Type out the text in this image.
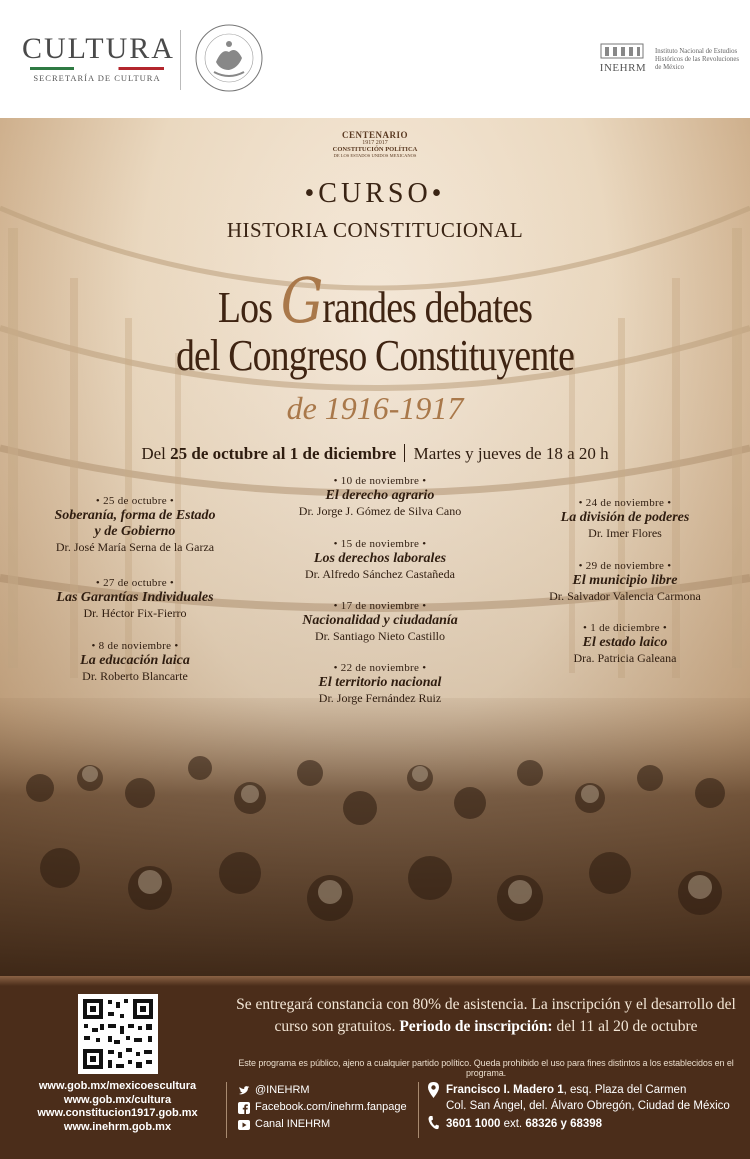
CULTURA
SECRETARÍA DE CULTURA
INEHRM
Instituto Nacional de Estudios Históricos de las Revoluciones de México
CENTENARIO
1917 2017
CONSTITUCIÓN POLÍTICA
DE LOS ESTADOS UNIDOS MEXICANOS
•CURSO•
HISTORIA CONSTITUCIONAL
Los Grandes debates
del Congreso Constituyente
de 1916-1917
Del 25 de octubre al 1 de diciembre Martes y jueves de 18 a 20 h
• 25 de octubre •
Soberanía, forma de Estado
y de Gobierno
Dr. José María Serna de la Garza
• 27 de octubre •
Las Garantías Individuales
Dr. Héctor Fix-Fierro
• 8 de noviembre •
La educación laica
Dr. Roberto Blancarte
• 10 de noviembre •
El derecho agrario
Dr. Jorge J. Gómez de Silva Cano
• 15 de noviembre •
Los derechos laborales
Dr. Alfredo Sánchez Castañeda
• 17 de noviembre •
Nacionalidad y ciudadanía
Dr. Santiago Nieto Castillo
• 22 de noviembre •
El territorio nacional
Dr. Jorge Fernández Ruiz
• 24 de noviembre •
La división de poderes
Dr. Imer Flores
• 29 de noviembre •
El municipio libre
Dr. Salvador Valencia Carmona
• 1 de diciembre •
El estado laico
Dra. Patricia Galeana
www.gob.mx/mexicoescultura
www.gob.mx/cultura
www.constitucion1917.gob.mx
www.inehrm.gob.mx
Se entregará constancia con 80% de asistencia. La inscripción y el desarrollo del curso son gratuitos. Periodo de inscripción: del 11 al 20 de octubre
Este programa es público, ajeno a cualquier partido político. Queda prohibido el uso para fines distintos a los establecidos en el programa.
@INEHRM
Facebook.com/inehrm.fanpage
Canal INEHRM
Francisco I. Madero 1, esq. Plaza del Carmen
Col. San Ángel, del. Álvaro Obregón, Ciudad de México
3601 1000 ext. 68326 y 68398
